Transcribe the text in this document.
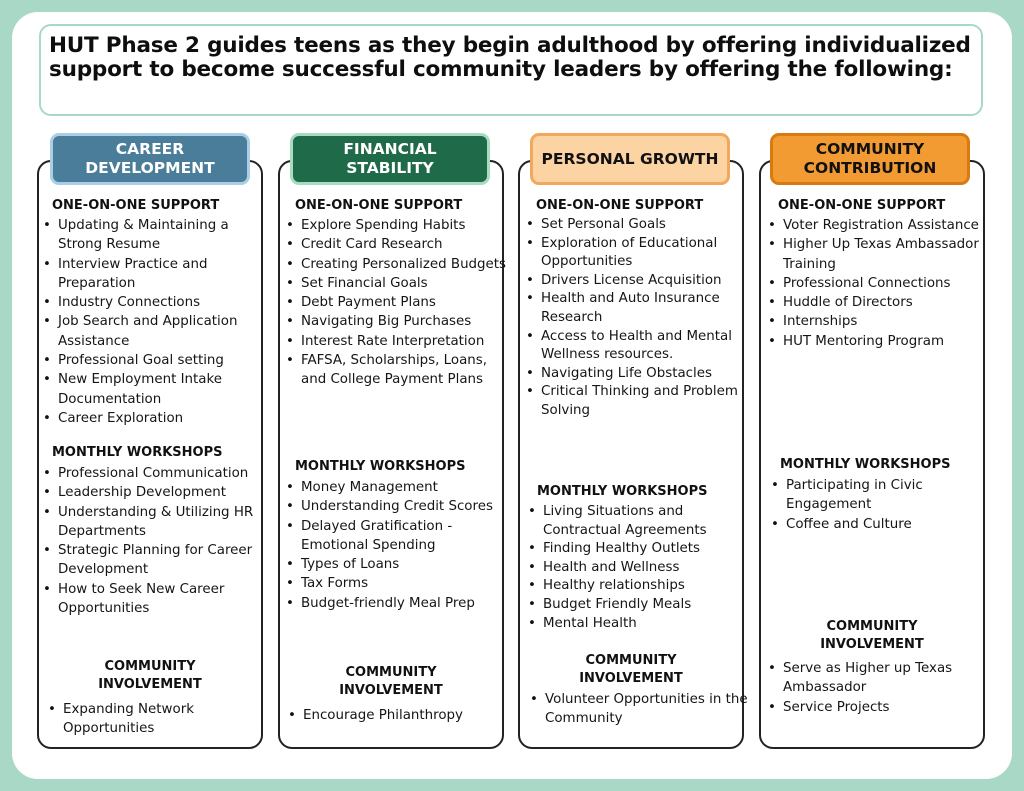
HUT Phase 2 guides teens as they begin adulthood by offering individualized support to become successful community leaders by offering the following:

CAREER DEVELOPMENT
ONE-ON-ONE SUPPORT
• Updating & Maintaining a Strong Resume
• Interview Practice and Preparation
• Industry Connections
• Job Search and Application Assistance
• Professional Goal setting
• New Employment Intake Documentation
• Career Exploration
MONTHLY WORKSHOPS
• Professional Communication
• Leadership Development
• Understanding & Utilizing HR Departments
• Strategic Planning for Career Development
• How to Seek New Career Opportunities
COMMUNITY INVOLVEMENT
• Expanding Network Opportunities
FINANCIAL STABILITY
ONE-ON-ONE SUPPORT
• Explore Spending Habits
• Credit Card Research
• Creating Personalized Budgets
• Set Financial Goals
• Debt Payment Plans
• Navigating Big Purchases
• Interest Rate Interpretation
• FAFSA, Scholarships, Loans, and College Payment Plans
MONTHLY WORKSHOPS
• Money Management
• Understanding Credit Scores
• Delayed Gratification - Emotional Spending
• Types of Loans
• Tax Forms
• Budget-friendly Meal Prep
COMMUNITY INVOLVEMENT
• Encourage Philanthropy
PERSONAL GROWTH
ONE-ON-ONE SUPPORT
• Set Personal Goals
• Exploration of Educational Opportunities
• Drivers License Acquisition
• Health and Auto Insurance Research
• Access to Health and Mental Wellness resources.
• Navigating Life Obstacles
• Critical Thinking and Problem Solving
MONTHLY WORKSHOPS
• Living Situations and Contractual Agreements
• Finding Healthy Outlets
• Health and Wellness
• Healthy relationships
• Budget Friendly Meals
• Mental Health
COMMUNITY INVOLVEMENT
• Volunteer Opportunities in the Community
COMMUNITY CONTRIBUTION
ONE-ON-ONE SUPPORT
• Voter Registration Assistance
• Higher Up Texas Ambassador Training
• Professional Connections
• Huddle of Directors
• Internships
• HUT Mentoring Program
MONTHLY WORKSHOPS
• Participating in Civic Engagement
• Coffee and Culture
COMMUNITY INVOLVEMENT
• Serve as Higher up Texas Ambassador
• Service Projects
